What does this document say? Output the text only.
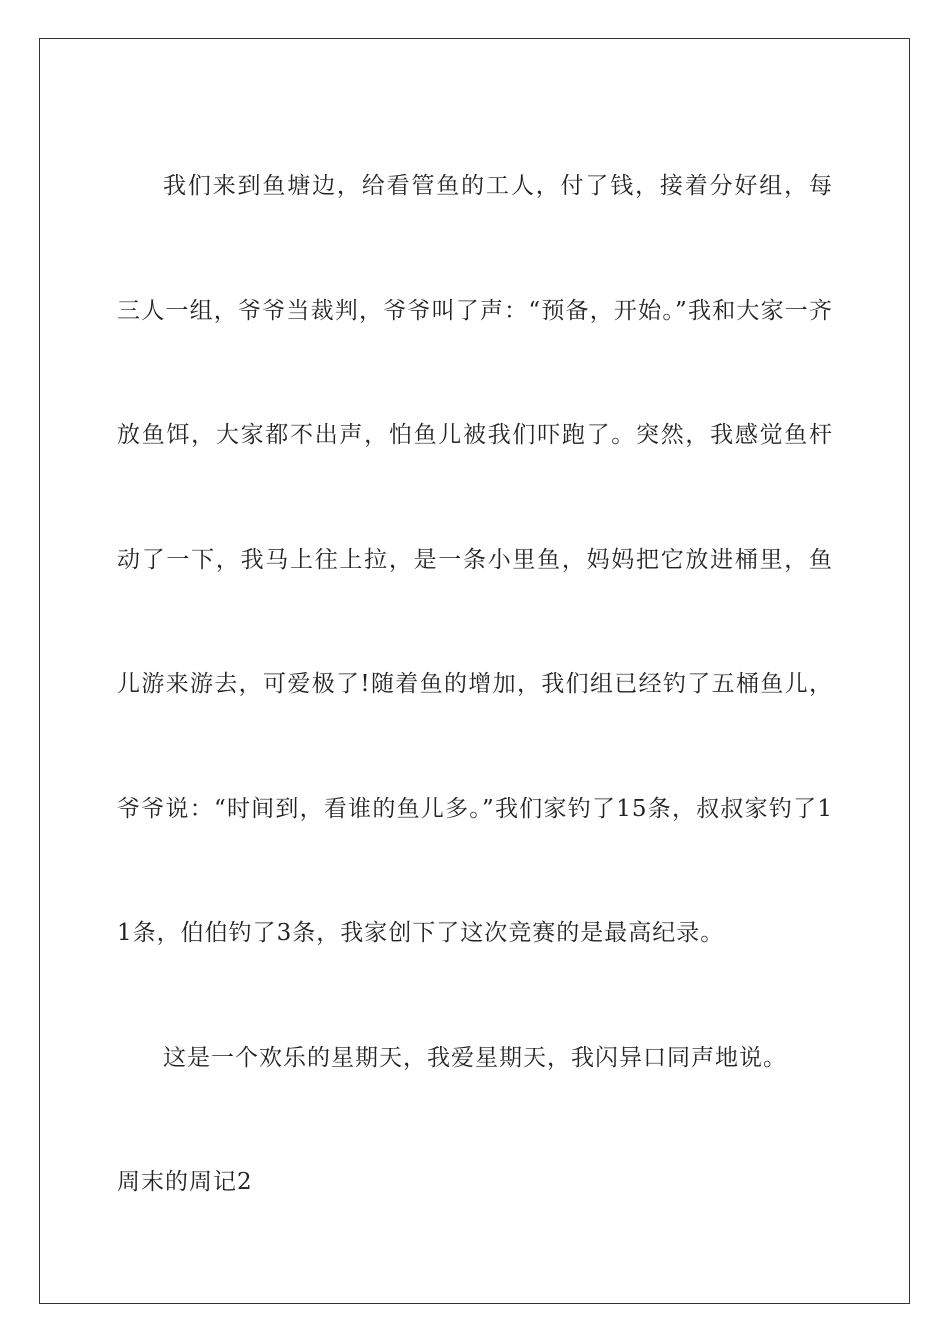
我们来到鱼塘边，给看管鱼的工人，付了钱，接着分好组，每三人一组，爷爷当裁判，爷爷叫了声：“预备，开始。”我和大家一齐放鱼饵，大家都不出声，怕鱼儿被我们吓跑了。突然，我感觉鱼杆动了一下，我马上往上拉，是一条小里鱼，妈妈把它放进桶里，鱼儿游来游去，可爱极了!随着鱼的增加，我们组已经钓了五桶鱼儿，爷爷说：“时间到，看谁的鱼儿多。”我们家钓了15条，叔叔家钓了11条，伯伯钓了3条，我家创下了这次竞赛的是最高纪录。

这是一个欢乐的星期天，我爱星期天，我闪异口同声地说。

周末的周记2
